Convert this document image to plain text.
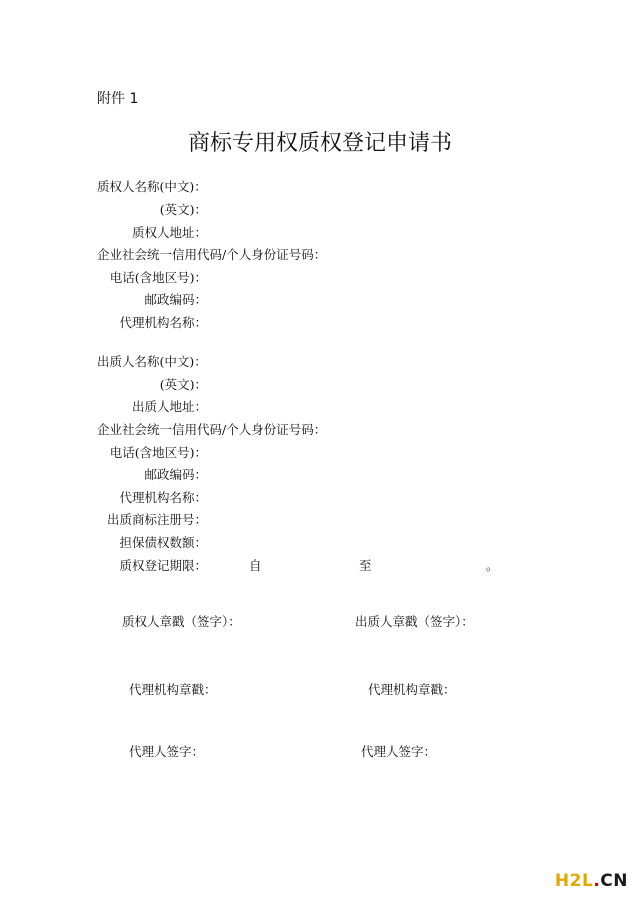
附件 1
商标专用权质权登记申请书
质权人名称(中文)：
(英文)：
质权人地址：
企业社会统一信用代码/个人身份证号码：
电话(含地区号)：
邮政编码：
代理机构名称：
出质人名称(中文)：
(英文)：
出质人地址：
企业社会统一信用代码/个人身份证号码：
电话(含地区号)：
邮政编码：
代理机构名称：
出质商标注册号：
担保债权数额：
质权登记期限：	自	至	。
质权人章戳（签字）：	出质人章戳（签字）：
代理机构章戳：	代理机构章戳：
代理人签字：	代理人签字：
H2L.CN
